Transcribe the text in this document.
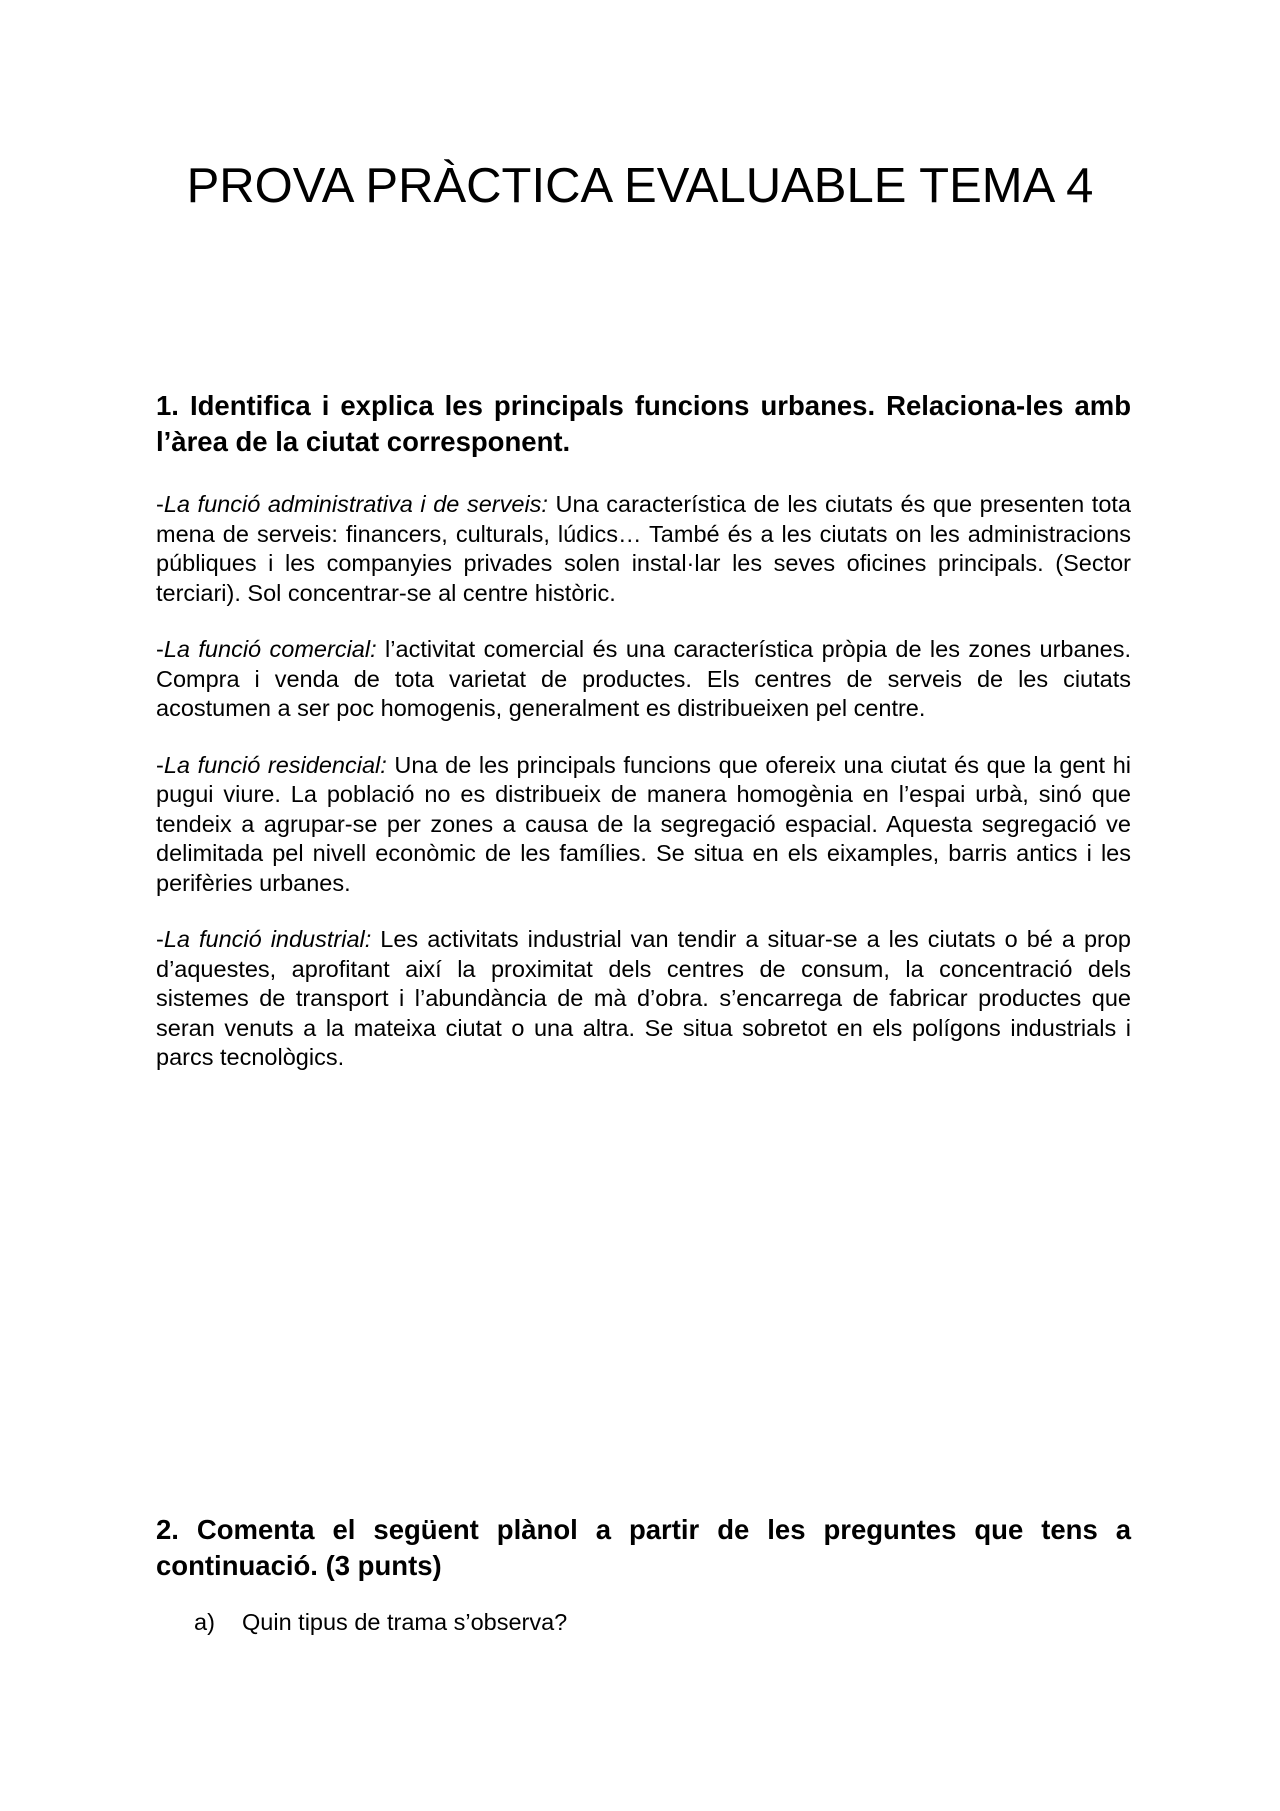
PROVA PRÀCTICA EVALUABLE TEMA 4

1. Identifica i explica les principals funcions urbanes. Relaciona-les amb l’àrea de la ciutat corresponent.

-La funció administrativa i de serveis: Una característica de les ciutats és que presenten tota mena de serveis: financers, culturals, lúdics… També és a les ciutats on les administracions públiques i les companyies privades solen instal·lar les seves oficines principals. (Sector terciari). Sol concentrar-se al centre històric.

-La funció comercial: l’activitat comercial és una característica pròpia de les zones urbanes. Compra i venda de tota varietat de productes. Els centres de serveis de les ciutats acostumen a ser poc homogenis, generalment es distribueixen pel centre.

-La funció residencial: Una de les principals funcions que ofereix una ciutat és que la gent hi pugui viure. La població no es distribueix de manera homogènia en l’espai urbà, sinó que tendeix a agrupar-se per zones a causa de la segregació espacial. Aquesta segregació ve delimitada pel nivell econòmic de les famílies. Se situa en els eixamples, barris antics i les perifèries urbanes.

-La funció industrial: Les activitats industrial van tendir a situar-se a les ciutats o bé a prop d’aquestes, aprofitant així la proximitat dels centres de consum, la concentració dels sistemes de transport i l’abundància de mà d’obra. s’encarrega de fabricar productes que seran venuts a la mateixa ciutat o una altra. Se situa sobretot en els polígons industrials i parcs tecnològics.

2. Comenta el següent plànol a partir de les preguntes que tens a continuació. (3 punts)

a)	Quin tipus de trama s’observa?
